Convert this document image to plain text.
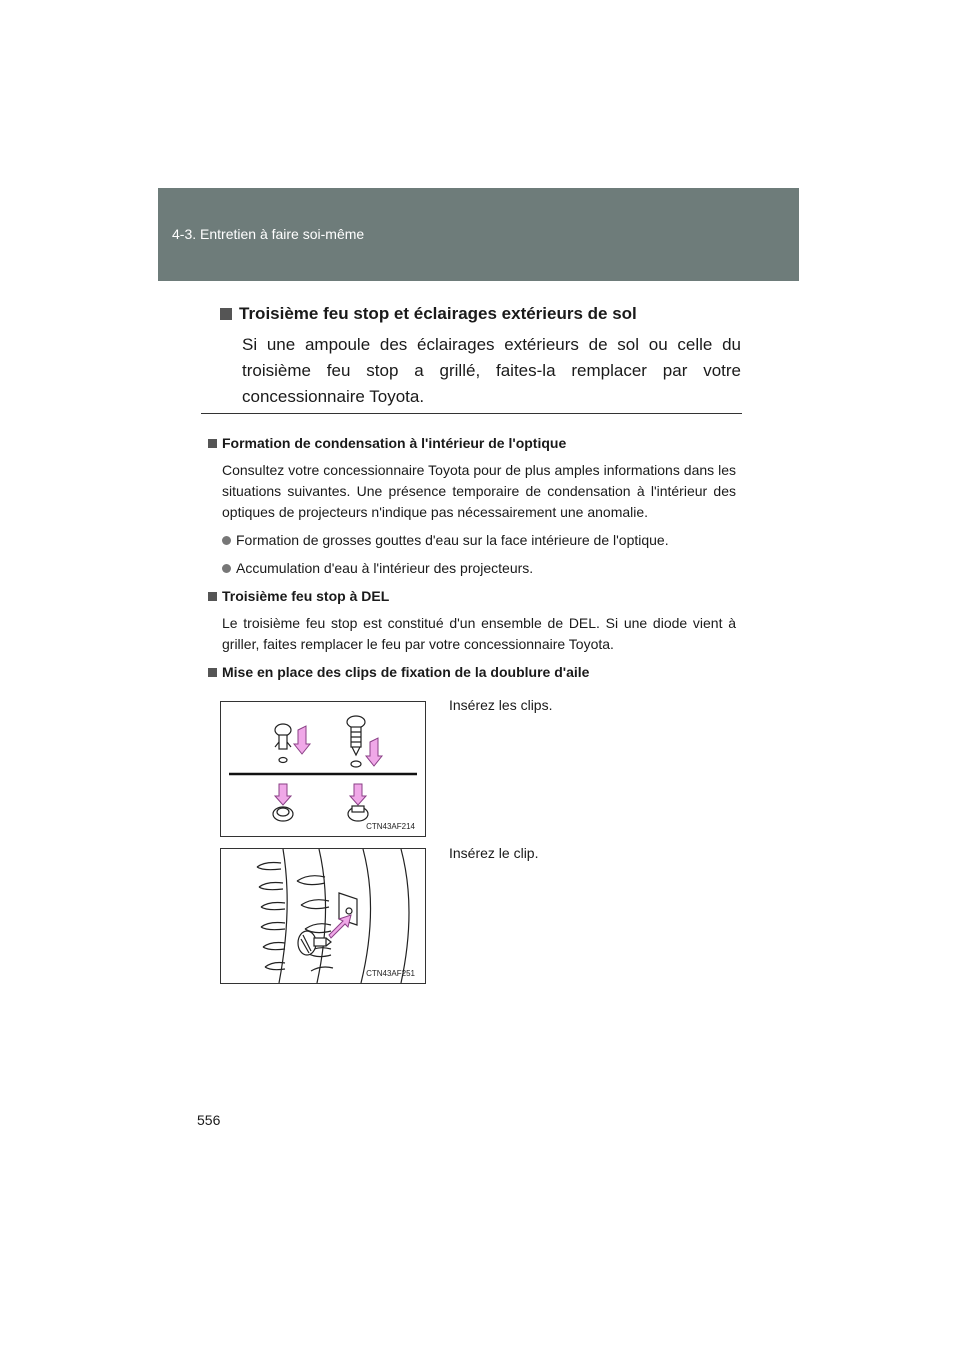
4-3. Entretien à faire soi-même
Troisième feu stop et éclairages extérieurs de sol
Si une ampoule des éclairages extérieurs de sol ou celle du troisième feu stop a grillé, faites-la remplacer par votre concessionnaire Toyota.
Formation de condensation à l'intérieur de l'optique
Consultez votre concessionnaire Toyota pour de plus amples informations dans les situations suivantes. Une présence temporaire de condensation à l'intérieur des optiques de projecteurs n'indique pas nécessairement une anomalie.
Formation de grosses gouttes d'eau sur la face intérieure de l'optique.
Accumulation d'eau à l'intérieur des projecteurs.
Troisième feu stop à DEL
Le troisième feu stop est constitué d'un ensemble de DEL. Si une diode vient à griller, faites remplacer le feu par votre concessionnaire Toyota.
Mise en place des clips de fixation de la doublure d'aile
CTN43AF214
Insérez les clips.
CTN43AF251
Insérez le clip.
556
